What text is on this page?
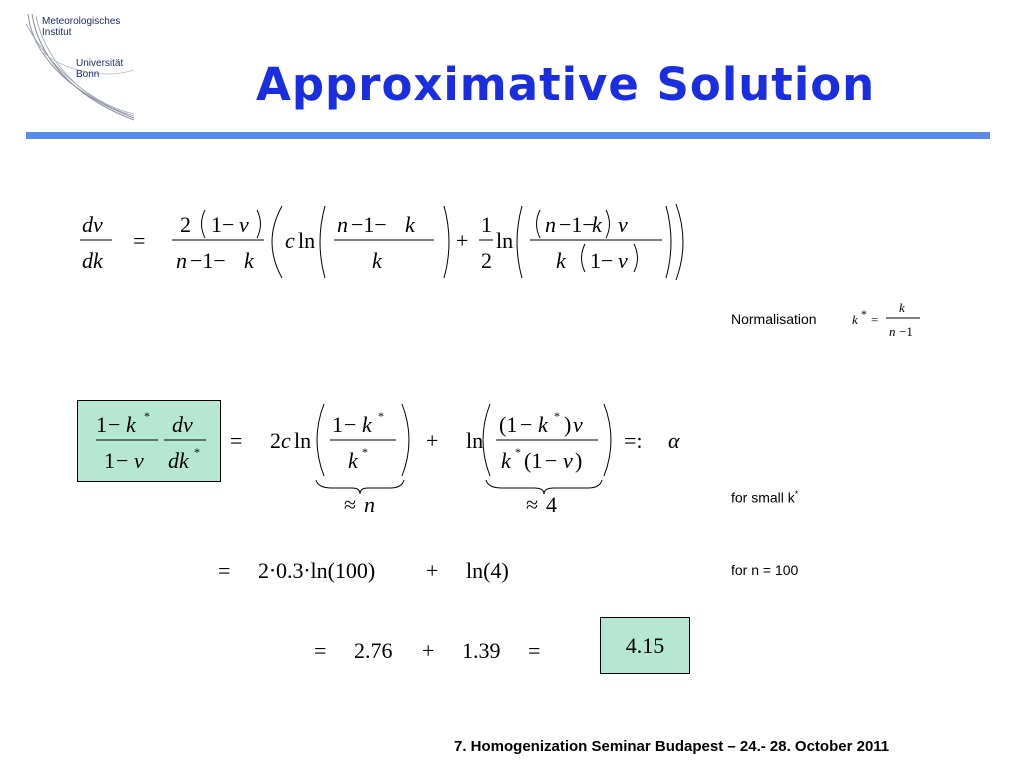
Meteorologisches
Institut
Universität
Bonn	Approximative Solution
4.15
dv
dk
=
2 1 − v
n −1− k
c ln
n −1− k
k
+
1
2
ln
n −1−
k v
k 1 − v
k * =
k
n −1
1 − k *
1 − v
dv
dk * = 2 c ln
1 − k *
k *	+ ln
(1 − k * ) v
k * (1 − v )
=: α
≈ n	≈ 4
= 2⋅0.3⋅ln(100) + ln(4)
= 2.76 + 1.39 =
Normalisation
for small k*
for n = 100
7. Homogenization Seminar Budapest – 24.- 28. October 2011
